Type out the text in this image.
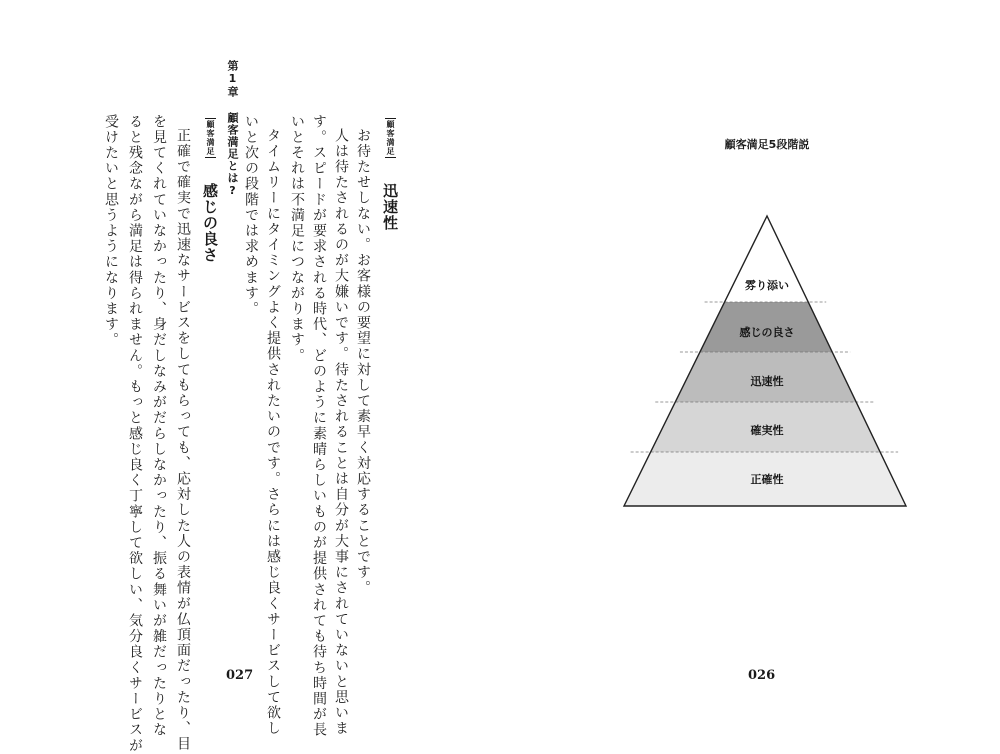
第1章 顧客満足とは?	顧客満足 迅速性
お待たせしない。お客様の要望に対して素早く対応することです。
人は待たされるのが大嫌いです。待たされることは自分が大事にされていないと思いま
す。スピードが要求される時代、どのように素晴らしいものが提供されても待ち時間が長
いとそれは不満足につながります。
タイムリーにタイミングよく提供されたいのです。さらには感じ良くサービスして欲し
いと次の段階では求めます。
顧客満足 感じの良さ
正確で確実で迅速なサービスをしてもらっても、応対した人の表情が仏頂面だったり、目
を見てくれていなかったり、身だしなみがだらしなかったり、振る舞いが雑だったりとな
ると残念ながら満足は得られません。もっと感じ良く丁寧して欲しい、気分良くサービスが
受けたいと思うようになります。
027
顧客満足5段階説
雰り添い
感じの良さ
迅速性
確実性
正確性
026
